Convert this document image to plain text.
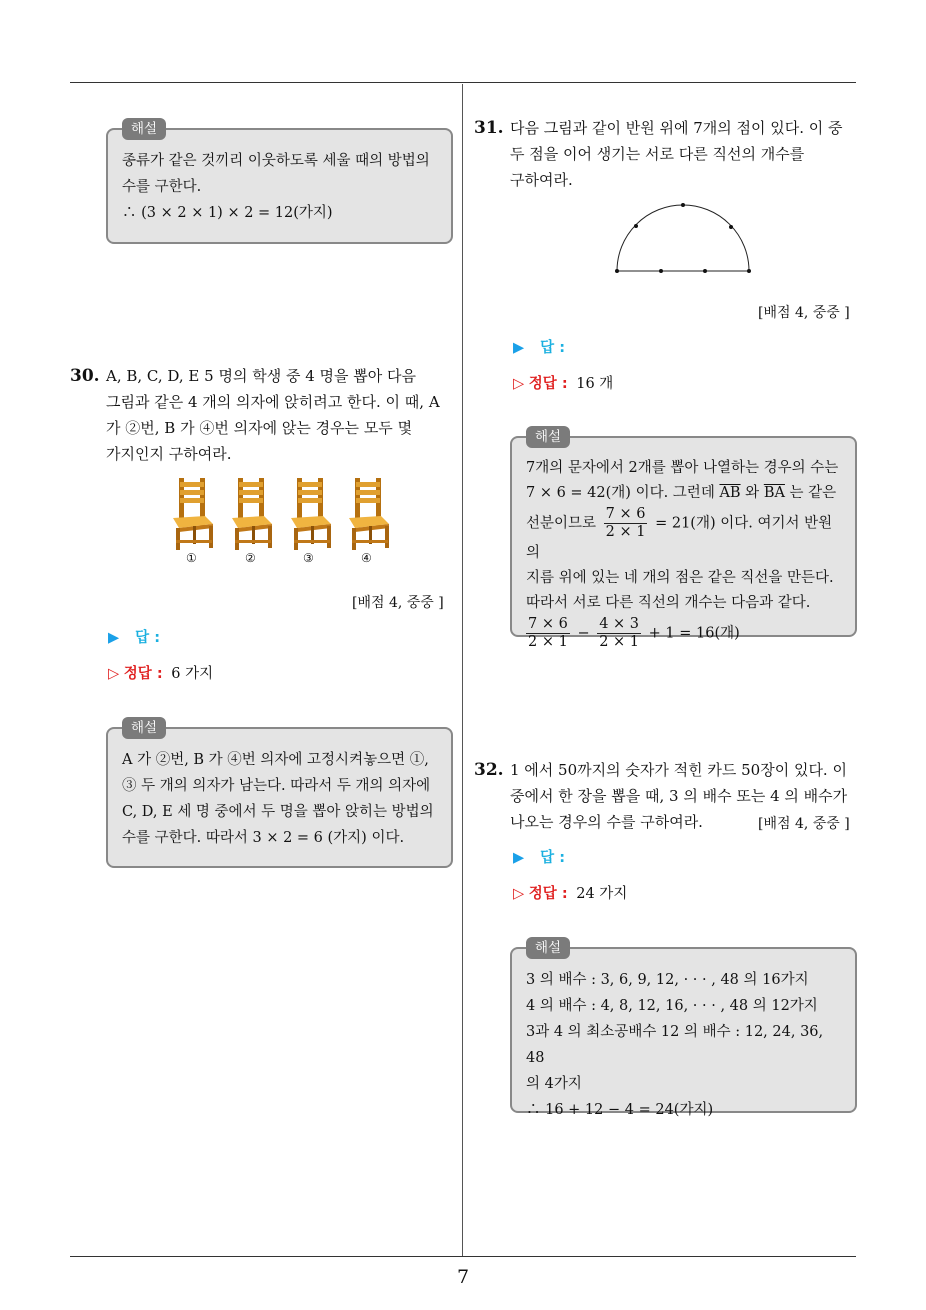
7
해설
종류가 같은 것끼리 이웃하도록 세울 때의 방법의
수를 구한다.
∴ (3 × 2 × 1) × 2 = 12(가지)
30. A, B, C, D, E 5 명의 학생 중 4 명을 뽑아 다음
그림과 같은 4 개의 의자에 앉히려고 한다. 이 때, A
가 ②번, B 가 ④번 의자에 앉는 경우는 모두 몇
가지인지 구하여라.
①	②	③	④
[배점 4, 중중 ]
▶ 답 :
▷ 정답 : 6 가지
해설
A 가 ②번, B 가 ④번 의자에 고정시켜놓으면 ①,
③ 두 개의 의자가 남는다. 따라서 두 개의 의자에
C, D, E 세 명 중에서 두 명을 뽑아 앉히는 방법의
수를 구한다. 따라서 3 × 2 = 6 (가지) 이다.
31. 다음 그림과 같이 반원 위에 7개의 점이 있다. 이 중
두 점을 이어 생기는 서로 다른 직선의 개수를
구하여라.
[배점 4, 중중 ]
▶ 답 :
▷ 정답 : 16 개
해설
7개의 문자에서 2개를 뽑아 나열하는 경우의 수는
7 × 6 = 42(개) 이다. 그런데 $\overline{AB}$ 와 $\overline{BA}$ 는 같은
선분이므로 $\frac{7 \times 6}{2 \times 1} = 21$(개) 이다. 여기서 반원의
지름 위에 있는 네 개의 점은 같은 직선을 만든다.
따라서 서로 다른 직선의 개수는 다음과 같다.
$\frac{7 \times 6}{2 \times 1} - \frac{4 \times 3}{2 \times 1} + 1 = 16$(개)
32. 1 에서 50까지의 숫자가 적힌 카드 50장이 있다. 이
중에서 한 장을 뽑을 때, 3 의 배수 또는 4 의 배수가
나오는 경우의 수를 구하여라.	[배점 4, 중중 ]
▶ 답 :
▷ 정답 : 24 가지
해설
3 의 배수 : 3, 6, 9, 12, · · · , 48 의 16가지
4 의 배수 : 4, 8, 12, 16, · · · , 48 의 12가지
3과 4 의 최소공배수 12 의 배수 : 12, 24, 36, 48
의 4가지
∴ 16 + 12 − 4 = 24(가지)
